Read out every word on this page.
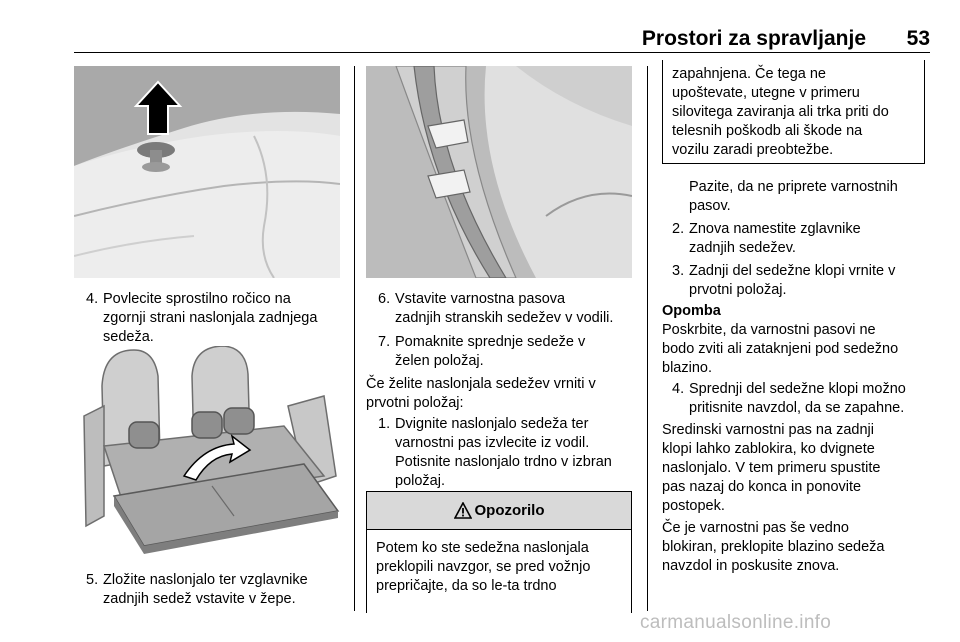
Prostori za spravljanje	53
4. Povlecite sprostilno ročico na
zgornji strani naslonjala zadnjega
sedeža.
5. Zložite naslonjalo ter vzglavnike
zadnjih sedež vstavite v žepe.
6. Vstavite varnostna pasova
zadnjih stranskih sedežev v vodili.
7. Pomaknite sprednje sedeže v
želen položaj.
Če želite naslonjala sedežev vrniti v
prvotni položaj:
1. Dvignite naslonjalo sedeža ter
varnostni pas izvlecite iz vodil.
Potisnite naslonjalo trdno v izbran
položaj.
Opozorilo
Potem ko ste sedežna naslonjala
preklopili navzgor, se pred vožnjo
prepričajte, da so le-ta trdno
zapahnjena. Če tega ne
upoštevate, utegne v primeru
silovitega zaviranja ali trka priti do
telesnih poškodb ali škode na
vozilu zaradi preobtežbe.
Pazite, da ne priprete varnostnih
pasov.
2. Znova namestite zglavnike
zadnjih sedežev.
3. Zadnji del sedežne klopi vrnite v
prvotni položaj.
Opomba
Poskrbite, da varnostni pasovi ne
bodo zviti ali zataknjeni pod sedežno
blazino.
4. Sprednji del sedežne klopi možno
pritisnite navzdol, da se zapahne.
Sredinski varnostni pas na zadnji
klopi lahko zablokira, ko dvignete
naslonjalo. V tem primeru spustite
pas nazaj do konca in ponovite
postopek.
Če je varnostni pas še vedno
blokiran, preklopite blazino sedeža
navzdol in poskusite znova.
carmanualsonline.info
